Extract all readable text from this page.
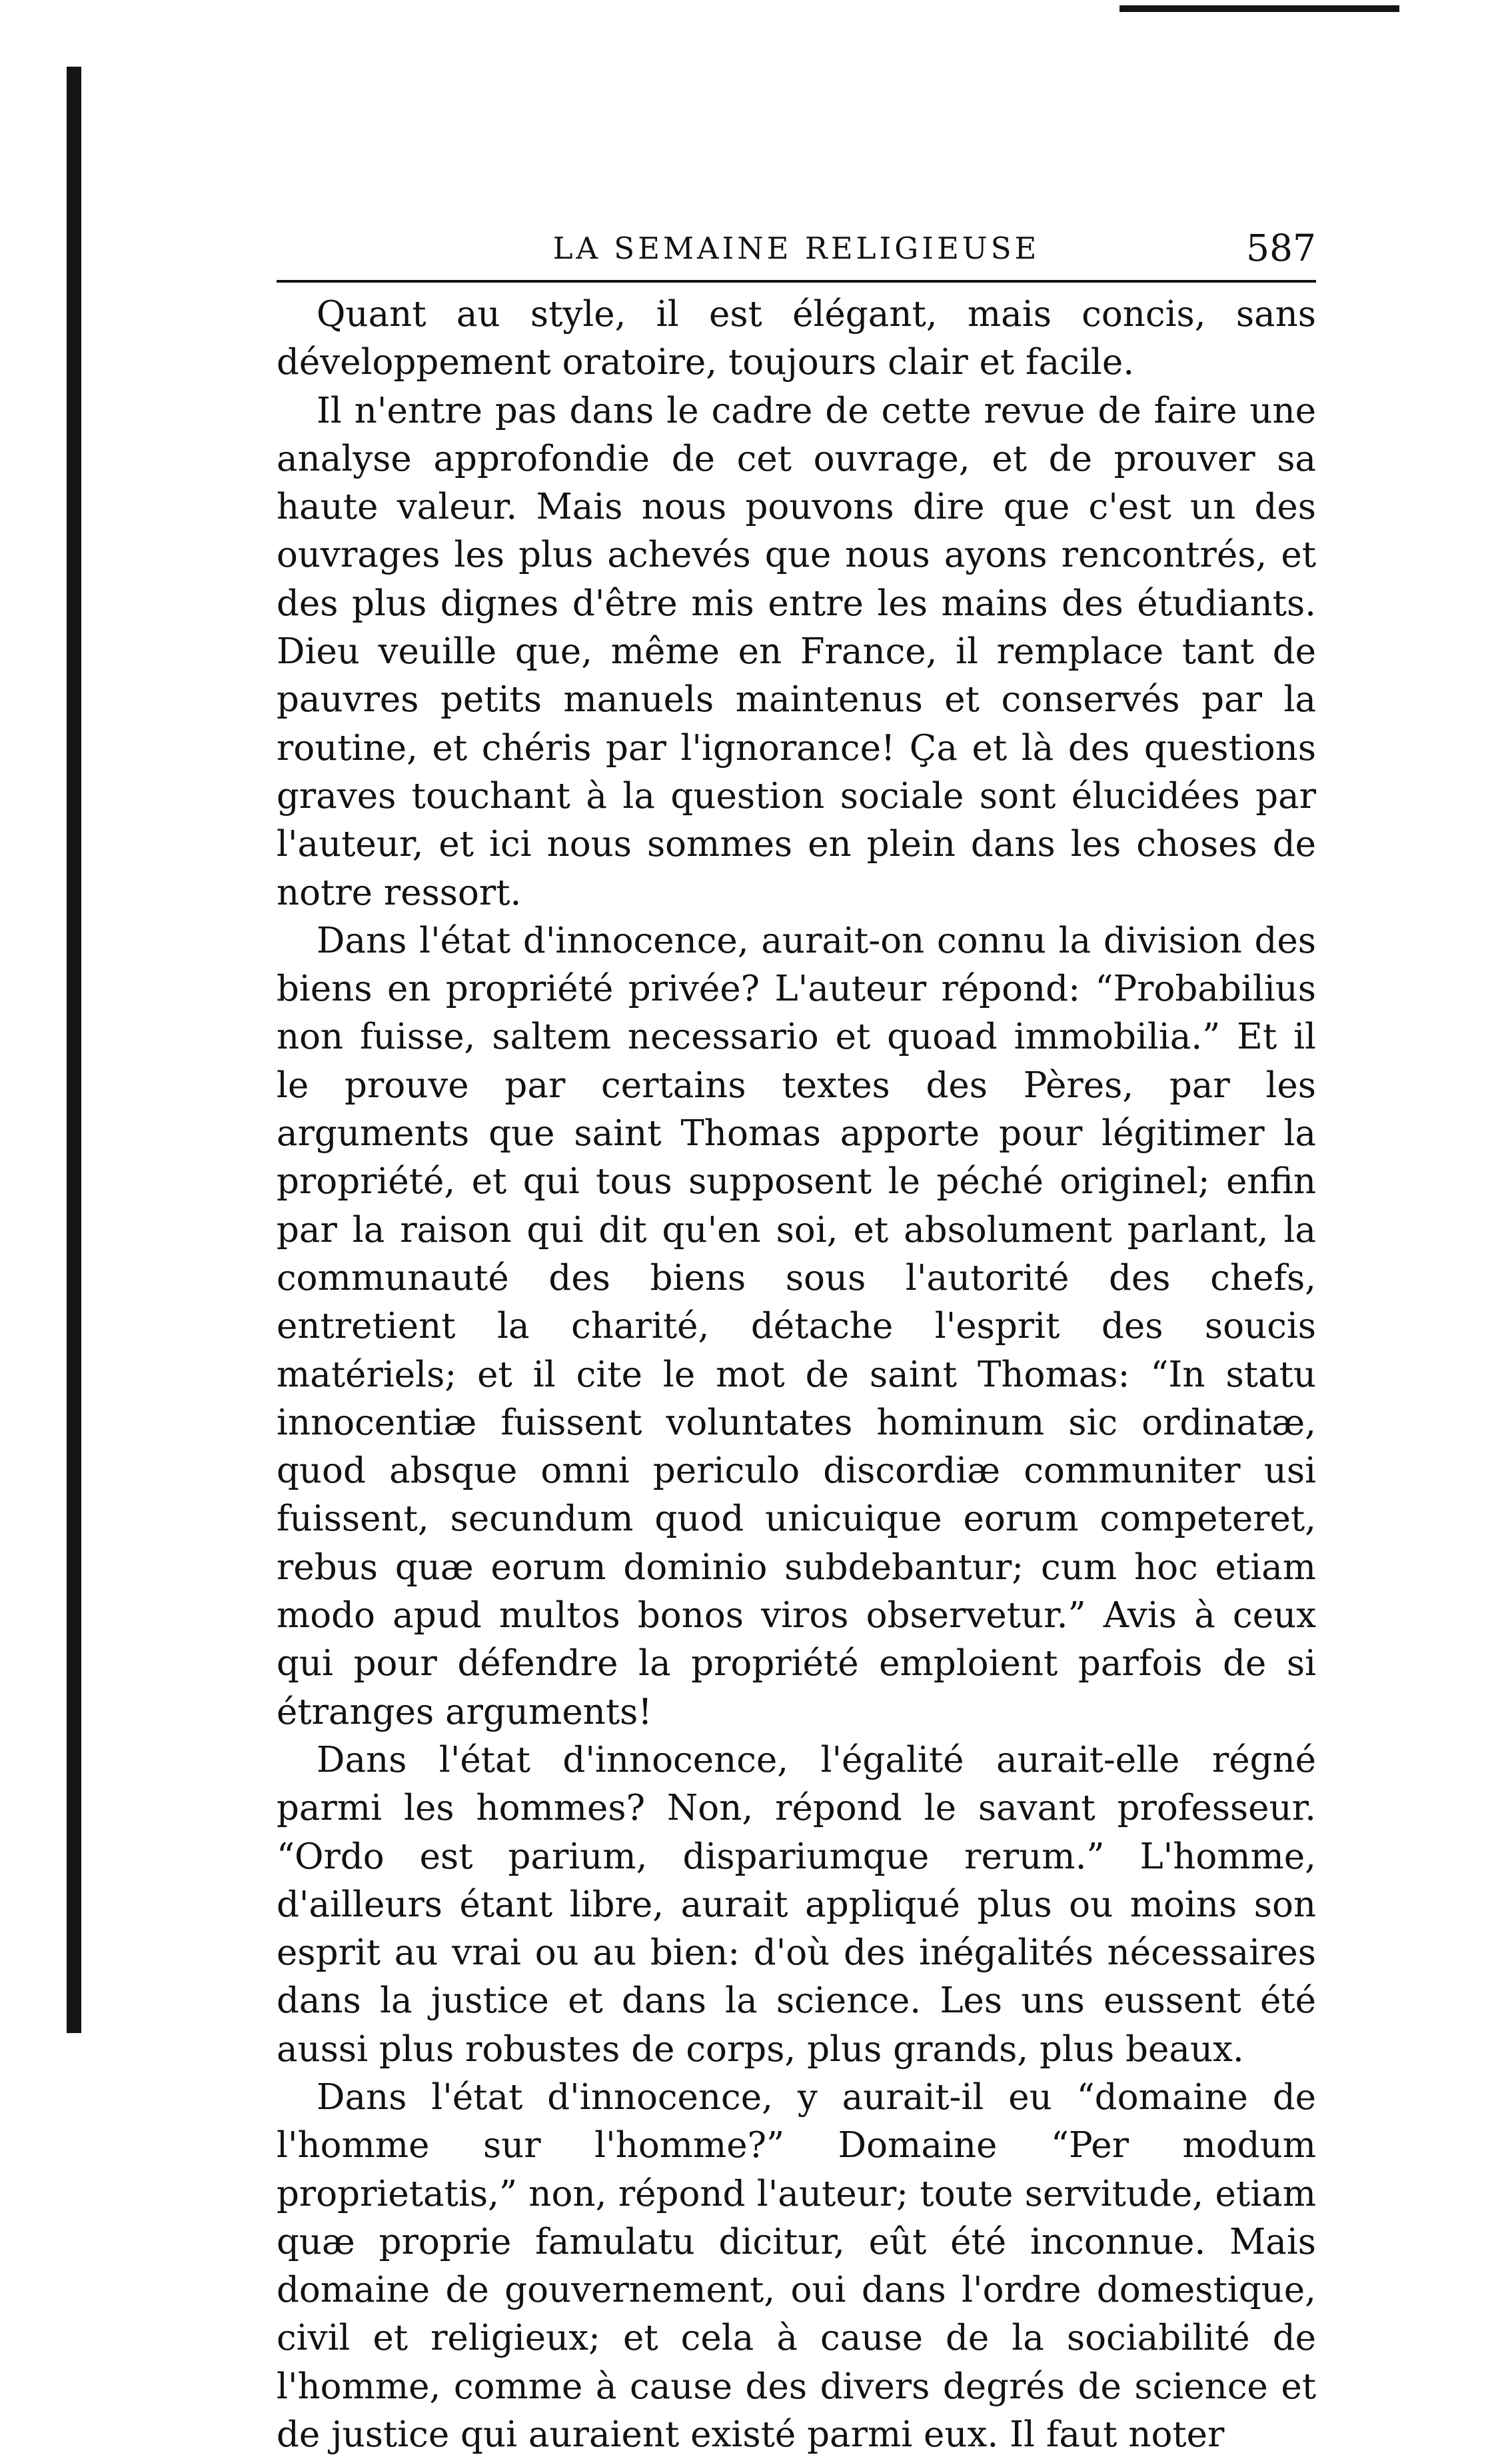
LA SEMAINE RELIGIEUSE	587

Quant au style, il est élégant, mais concis, sans développement oratoire, toujours clair et facile.

Il n'entre pas dans le cadre de cette revue de faire une analyse approfondie de cet ouvrage, et de prouver sa haute valeur. Mais nous pouvons dire que c'est un des ouvrages les plus achevés que nous ayons rencontrés, et des plus dignes d'être mis entre les mains des étudiants. Dieu veuille que, même en France, il remplace tant de pauvres petits manuels maintenus et conservés par la routine, et chéris par l'ignorance! Ça et là des questions graves touchant à la question sociale sont élucidées par l'auteur, et ici nous sommes en plein dans les choses de notre ressort.

Dans l'état d'innocence, aurait-on connu la division des biens en propriété privée? L'auteur répond: “Probabilius non fuisse, saltem necessario et quoad immobilia.” Et il le prouve par certains textes des Pères, par les arguments que saint Thomas apporte pour légitimer la propriété, et qui tous supposent le péché originel; enfin par la raison qui dit qu'en soi, et absolument parlant, la communauté des biens sous l'autorité des chefs, entretient la charité, détache l'esprit des soucis matériels; et il cite le mot de saint Thomas: “In statu innocentiæ fuissent voluntates hominum sic ordinatæ, quod absque omni periculo discordiæ communiter usi fuissent, secundum quod unicuique eorum competeret, rebus quæ eorum dominio subdebantur; cum hoc etiam modo apud multos bonos viros observetur.” Avis à ceux qui pour défendre la propriété emploient parfois de si étranges arguments!

Dans l'état d'innocence, l'égalité aurait-elle régné parmi les hommes? Non, répond le savant professeur. “Ordo est parium, dispariumque rerum.” L'homme, d'ailleurs étant libre, aurait appliqué plus ou moins son esprit au vrai ou au bien: d'où des inégalités nécessaires dans la justice et dans la science. Les uns eussent été aussi plus robustes de corps, plus grands, plus beaux.

Dans l'état d'innocence, y aurait-il eu “domaine de l'homme sur l'homme?” Domaine “Per modum proprietatis,” non, répond l'auteur; toute servitude, etiam quæ proprie famulatu dicitur, eût été inconnue. Mais domaine de gouvernement, oui dans l'ordre domestique, civil et religieux; et cela à cause de la sociabilité de l'homme, comme à cause des divers degrés de science et de justice qui auraient existé parmi eux. Il faut noter
